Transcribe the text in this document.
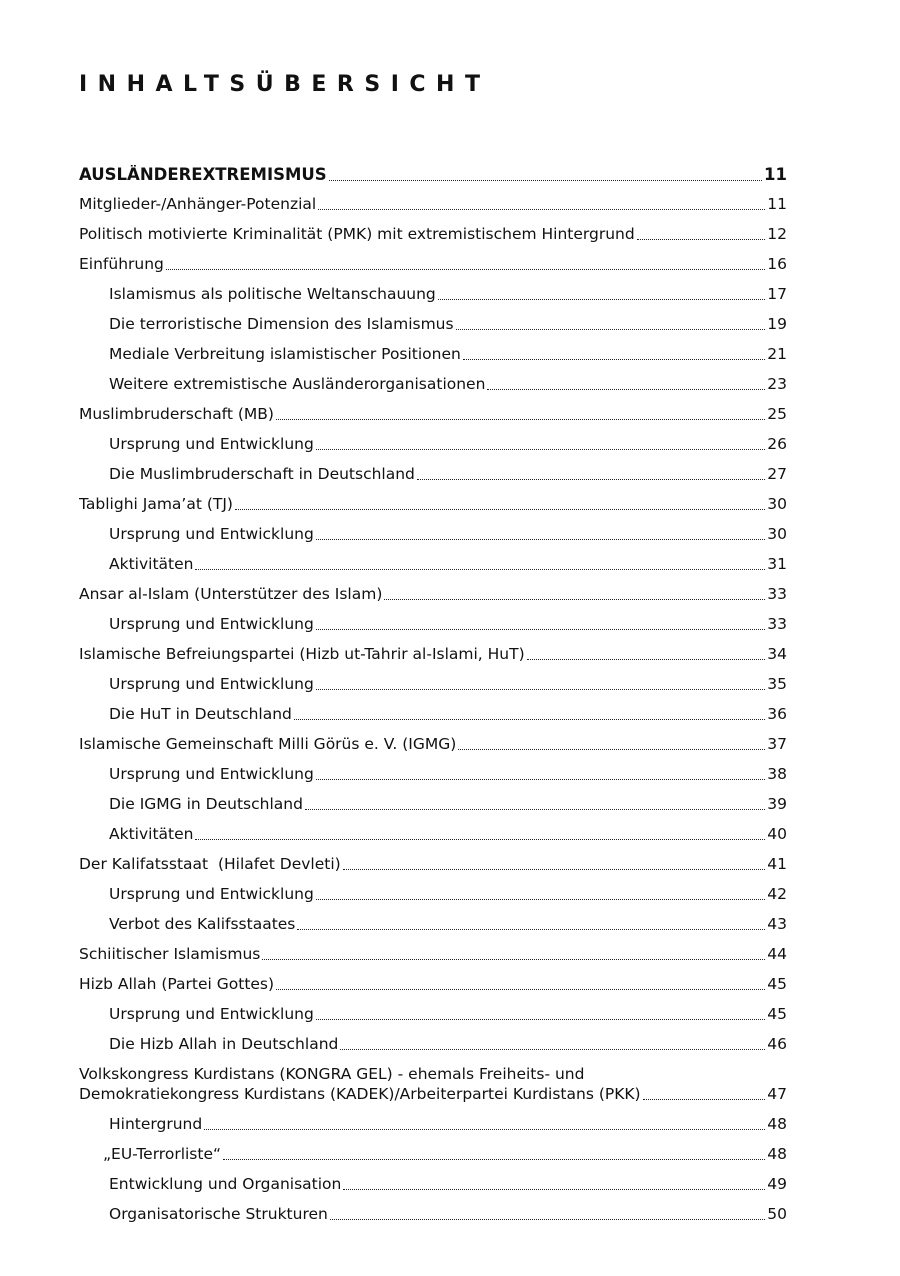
INHALTSÜBERSICHT
AUSLÄNDEREXTREMISMUS	11
Mitglieder-/Anhänger-Potenzial	11
Politisch motivierte Kriminalität (PMK) mit extremistischem Hintergrund	12
Einführung	16
Islamismus als politische Weltanschauung	17
Die terroristische Dimension des Islamismus	19
Mediale Verbreitung islamistischer Positionen	21
Weitere extremistische Ausländerorganisationen	23
Muslimbruderschaft (MB)	25
Ursprung und Entwicklung	26
Die Muslimbruderschaft in Deutschland	27
Tablighi Jama’at (TJ)	30
Ursprung und Entwicklung	30
Aktivitäten	31
Ansar al-Islam (Unterstützer des Islam)	33
Ursprung und Entwicklung	33
Islamische Befreiungspartei (Hizb ut-Tahrir al-Islami, HuT)	34
Ursprung und Entwicklung	35
Die HuT in Deutschland	36
Islamische Gemeinschaft Milli Görüs e. V. (IGMG)	37
Ursprung und Entwicklung	38
Die IGMG in Deutschland	39
Aktivitäten	40
Der Kalifatsstaat  (Hilafet Devleti)	41
Ursprung und Entwicklung	42
Verbot des Kalifsstaates	43
Schiitischer Islamismus	44
Hizb Allah (Partei Gottes)	45
Ursprung und Entwicklung	45
Die Hizb Allah in Deutschland	46
Volkskongress Kurdistans (KONGRA GEL) - ehemals Freiheits- und
Demokratiekongress Kurdistans (KADEK)/Arbeiterpartei Kurdistans (PKK)	47
Hintergrund	48
„EU-Terrorliste“	48
Entwicklung und Organisation	49
Organisatorische Strukturen	50
